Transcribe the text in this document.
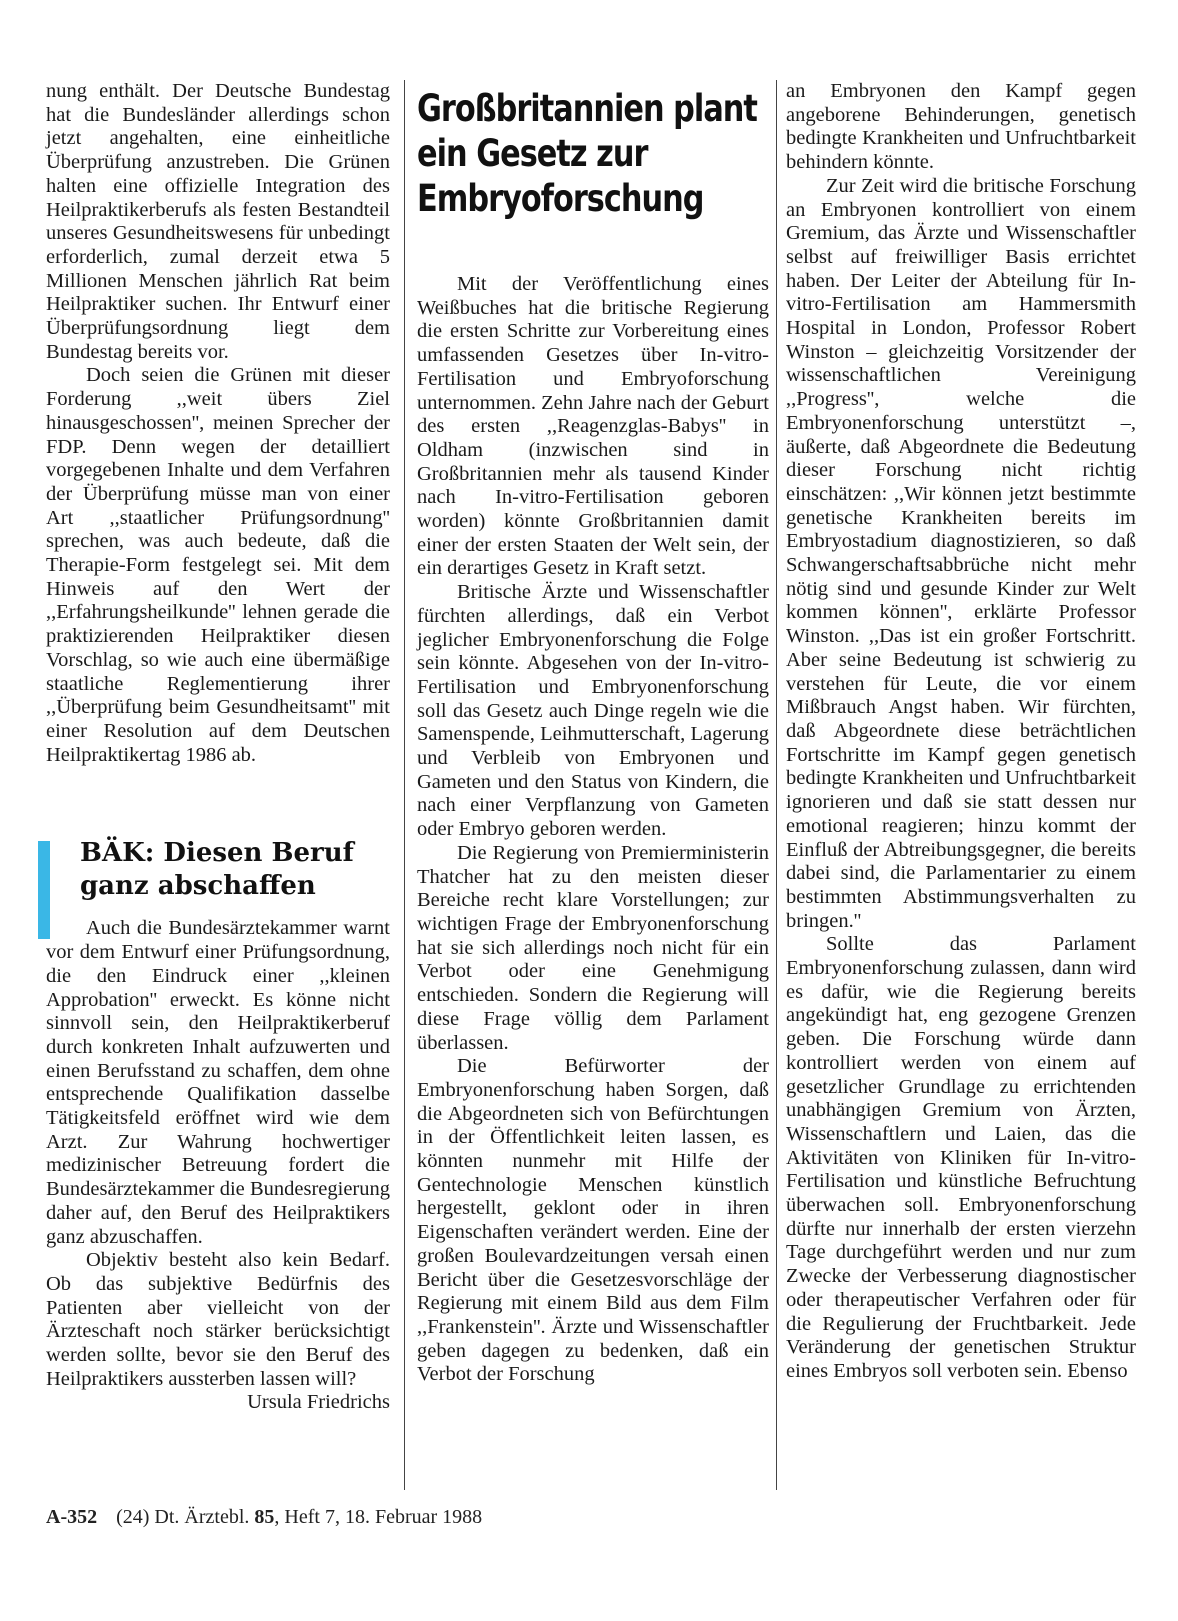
nung enthält. Der Deutsche Bundestag hat die Bundesländer allerdings schon jetzt angehalten, eine einheitliche Überprüfung anzustreben. Die Grünen halten eine offizielle Integration des Heilpraktikerberufs als festen Bestandteil unseres Gesundheitswesens für unbedingt erforderlich, zumal derzeit etwa 5 Millionen Menschen jährlich Rat beim Heilpraktiker suchen. Ihr Entwurf einer Überprüfungsordnung liegt dem Bundestag bereits vor.

Doch seien die Grünen mit dieser Forderung ,,weit übers Ziel hinausgeschossen'', meinen Sprecher der FDP. Denn wegen der detailliert vorgegebenen Inhalte und dem Verfahren der Überprüfung müsse man von einer Art ,,staatlicher Prüfungsordnung'' sprechen, was auch bedeute, daß die Therapie-Form festgelegt sei. Mit dem Hinweis auf den Wert der ,,Erfahrungsheilkunde'' lehnen gerade die praktizierenden Heilpraktiker diesen Vorschlag, so wie auch eine übermäßige staatliche Reglementierung ihrer ,,Überprüfung beim Gesundheitsamt'' mit einer Resolution auf dem Deutschen Heilpraktikertag 1986 ab.

BÄK: Diesen Beruf ganz abschaffen

Auch die Bundesärztekammer warnt vor dem Entwurf einer Prüfungsordnung, die den Eindruck einer ,,kleinen Approbation'' erweckt. Es könne nicht sinnvoll sein, den Heilpraktikerberuf durch konkreten Inhalt aufzuwerten und einen Berufsstand zu schaffen, dem ohne entsprechende Qualifikation dasselbe Tätigkeitsfeld eröffnet wird wie dem Arzt. Zur Wahrung hochwertiger medizinischer Betreuung fordert die Bundesärztekammer die Bundesregierung daher auf, den Beruf des Heilpraktikers ganz abzuschaffen.

Objektiv besteht also kein Bedarf. Ob das subjektive Bedürfnis des Patienten aber vielleicht von der Ärzteschaft noch stärker berücksichtigt werden sollte, bevor sie den Beruf des Heilpraktikers aussterben lassen will?

Ursula Friedrichs

Großbritannien plant ein Gesetz zur Embryoforschung

Mit der Veröffentlichung eines Weißbuches hat die britische Regierung die ersten Schritte zur Vorbereitung eines umfassenden Gesetzes über In-vitro-Fertilisation und Embryoforschung unternommen. Zehn Jahre nach der Geburt des ersten ,,Reagenzglas-Babys'' in Oldham (inzwischen sind in Großbritannien mehr als tausend Kinder nach In-vitro-Fertilisation geboren worden) könnte Großbritannien damit einer der ersten Staaten der Welt sein, der ein derartiges Gesetz in Kraft setzt.

Britische Ärzte und Wissenschaftler fürchten allerdings, daß ein Verbot jeglicher Embryonenforschung die Folge sein könnte. Abgesehen von der In-vitro-Fertilisation und Embryonenforschung soll das Gesetz auch Dinge regeln wie die Samenspende, Leihmutterschaft, Lagerung und Verbleib von Embryonen und Gameten und den Status von Kindern, die nach einer Verpflanzung von Gameten oder Embryo geboren werden.

Die Regierung von Premierministerin Thatcher hat zu den meisten dieser Bereiche recht klare Vorstellungen; zur wichtigen Frage der Embryonenforschung hat sie sich allerdings noch nicht für ein Verbot oder eine Genehmigung entschieden. Sondern die Regierung will diese Frage völlig dem Parlament überlassen.

Die Befürworter der Embryonenforschung haben Sorgen, daß die Abgeordneten sich von Befürchtungen in der Öffentlichkeit leiten lassen, es könnten nunmehr mit Hilfe der Gentechnologie Menschen künstlich hergestellt, geklont oder in ihren Eigenschaften verändert werden. Eine der großen Boulevardzeitungen versah einen Bericht über die Gesetzesvorschläge der Regierung mit einem Bild aus dem Film ,,Frankenstein''. Ärzte und Wissenschaftler geben dagegen zu bedenken, daß ein Verbot der Forschung

an Embryonen den Kampf gegen angeborene Behinderungen, genetisch bedingte Krankheiten und Unfruchtbarkeit behindern könnte.

Zur Zeit wird die britische Forschung an Embryonen kontrolliert von einem Gremium, das Ärzte und Wissenschaftler selbst auf freiwilliger Basis errichtet haben. Der Leiter der Abteilung für In-vitro-Fertilisation am Hammersmith Hospital in London, Professor Robert Winston – gleichzeitig Vorsitzender der wissenschaftlichen Vereinigung ,,Progress'', welche die Embryonenforschung unterstützt –, äußerte, daß Abgeordnete die Bedeutung dieser Forschung nicht richtig einschätzen: ,,Wir können jetzt bestimmte genetische Krankheiten bereits im Embryostadium diagnostizieren, so daß Schwangerschaftsabbrüche nicht mehr nötig sind und gesunde Kinder zur Welt kommen können'', erklärte Professor Winston. ,,Das ist ein großer Fortschritt. Aber seine Bedeutung ist schwierig zu verstehen für Leute, die vor einem Mißbrauch Angst haben. Wir fürchten, daß Abgeordnete diese beträchtlichen Fortschritte im Kampf gegen genetisch bedingte Krankheiten und Unfruchtbarkeit ignorieren und daß sie statt dessen nur emotional reagieren; hinzu kommt der Einfluß der Abtreibungsgegner, die bereits dabei sind, die Parlamentarier zu einem bestimmten Abstimmungsverhalten zu bringen.''

Sollte das Parlament Embryonenforschung zulassen, dann wird es dafür, wie die Regierung bereits angekündigt hat, eng gezogene Grenzen geben. Die Forschung würde dann kontrolliert werden von einem auf gesetzlicher Grundlage zu errichtenden unabhängigen Gremium von Ärzten, Wissenschaftlern und Laien, das die Aktivitäten von Kliniken für In-vitro-Fertilisation und künstliche Befruchtung überwachen soll. Embryonenforschung dürfte nur innerhalb der ersten vierzehn Tage durchgeführt werden und nur zum Zwecke der Verbesserung diagnostischer oder therapeutischer Verfahren oder für die Regulierung der Fruchtbarkeit. Jede Veränderung der genetischen Struktur eines Embryos soll verboten sein. Ebenso

A-352 (24) Dt. Ärztebl. 85, Heft 7, 18. Februar 1988
